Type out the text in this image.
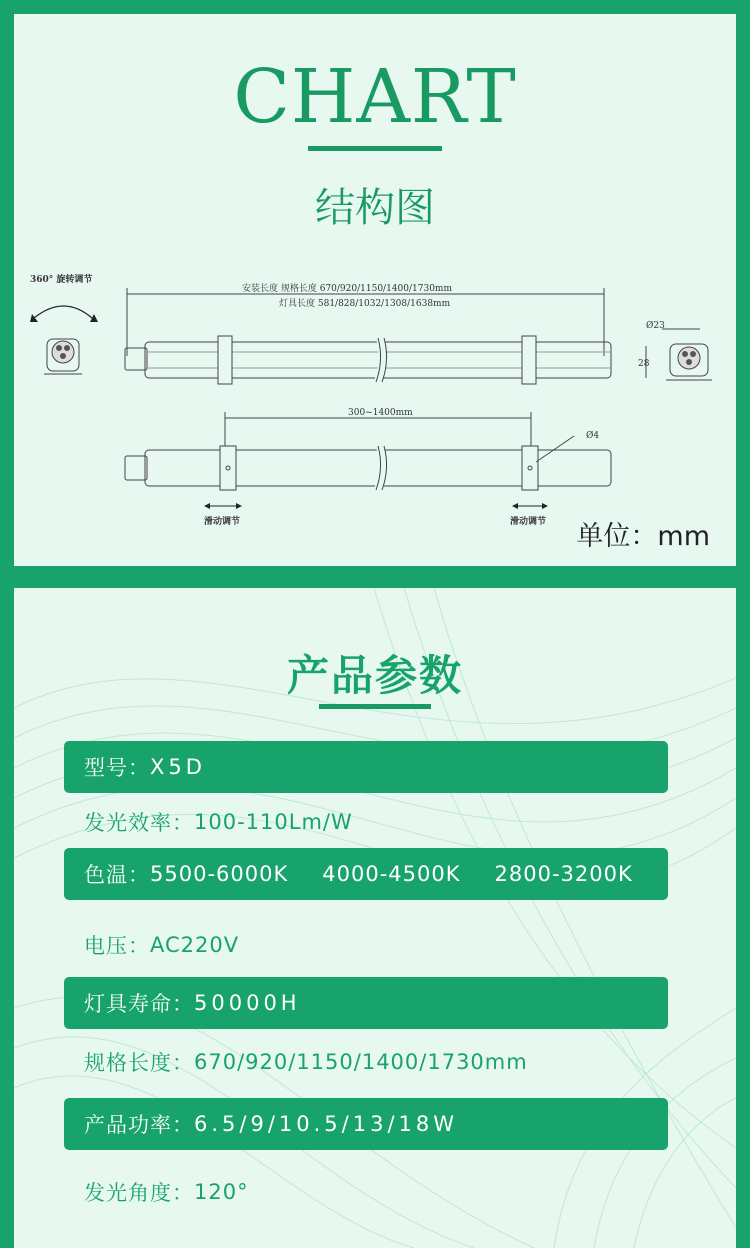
CHART
结构图
360° 旋转调节
安装长度 规格长度 670/920/1150/1400/1730mm
灯具长度 581/828/1032/1308/1638mm
300~1400mm
滑动调节	滑动调节
Ø23
28
Ø4
单位：mm
产品参数
型号： X5D
发光效率： 100-110Lm/W
色温： 5500-6000K 4000-4500K 2800-3200K
电压： AC220V
灯具寿命： 50000H
规格长度： 670/920/1150/1400/1730mm
产品功率： 6.5/9/10.5/13/18W
发光角度： 120°
